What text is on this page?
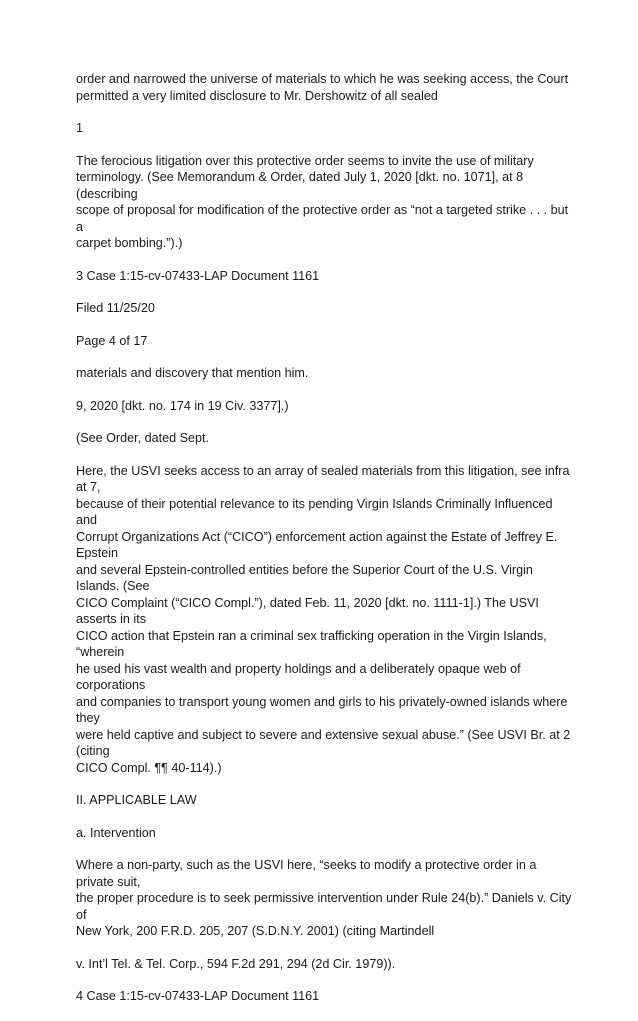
order and narrowed the universe of materials to which he was seeking access, the Court
permitted a very limited disclosure to Mr. Dershowitz of all sealed

1

The ferocious litigation over this protective order seems to invite the use of military
terminology. (See Memorandum & Order, dated July 1, 2020 [dkt. no. 1071], at 8 (describing
scope of proposal for modification of the protective order as “not a targeted strike . . . but a
carpet bombing.”).)

3 Case 1:15-cv-07433-LAP Document 1161

Filed 11/25/20

Page 4 of 17

materials and discovery that mention him.

9, 2020 [dkt. no. 174 in 19 Civ. 3377].)

(See Order, dated Sept.

Here, the USVI seeks access to an array of sealed materials from this litigation, see infra at 7,
because of their potential relevance to its pending Virgin Islands Criminally Influenced and
Corrupt Organizations Act (“CICO”) enforcement action against the Estate of Jeffrey E. Epstein
and several Epstein-controlled entities before the Superior Court of the U.S. Virgin Islands. (See
CICO Complaint (“CICO Compl.”), dated Feb. 11, 2020 [dkt. no. 1111-1].) The USVI asserts in its
CICO action that Epstein ran a criminal sex trafficking operation in the Virgin Islands, “wherein
he used his vast wealth and property holdings and a deliberately opaque web of corporations
and companies to transport young women and girls to his privately-owned islands where they
were held captive and subject to severe and extensive sexual abuse.” (See USVI Br. at 2 (citing
CICO Compl. ¶¶ 40-114).)

II. APPLICABLE LAW

a. Intervention

Where a non-party, such as the USVI here, “seeks to modify a protective order in a private suit,
the proper procedure is to seek permissive intervention under Rule 24(b).” Daniels v. City of
New York, 200 F.R.D. 205, 207 (S.D.N.Y. 2001) (citing Martindell

v. Int’l Tel. & Tel. Corp., 594 F.2d 291, 294 (2d Cir. 1979)).

4 Case 1:15-cv-07433-LAP Document 1161
